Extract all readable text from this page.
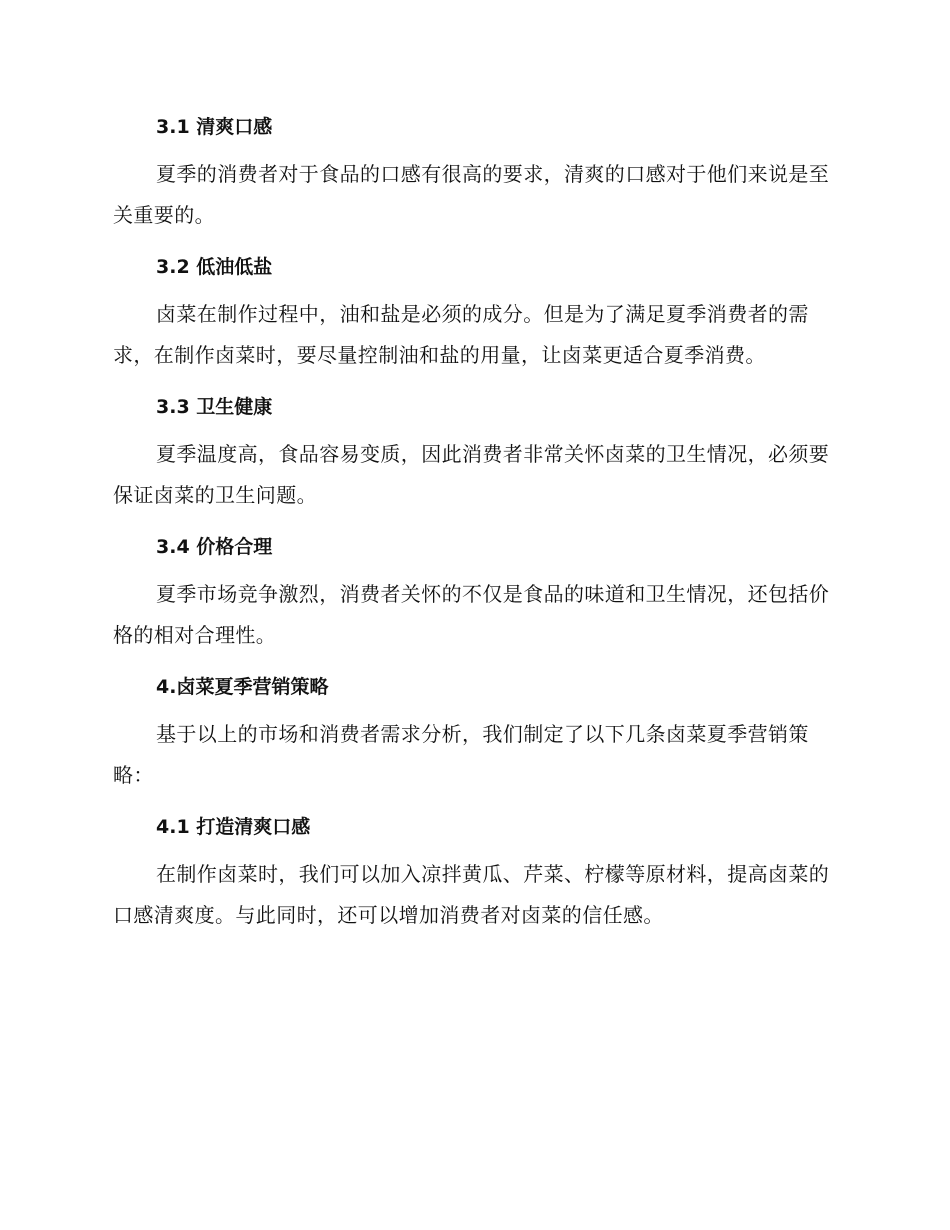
3.1 清爽口感

夏季的消费者对于食品的口感有很高的要求，清爽的口感对于他们来说是至关重要的。

3.2 低油低盐

卤菜在制作过程中，油和盐是必须的成分。但是为了满足夏季消费者的需求，在制作卤菜时，要尽量控制油和盐的用量，让卤菜更适合夏季消费。

3.3 卫生健康

夏季温度高，食品容易变质，因此消费者非常关怀卤菜的卫生情况，必须要保证卤菜的卫生问题。

3.4 价格合理

夏季市场竞争激烈，消费者关怀的不仅是食品的味道和卫生情况，还包括价格的相对合理性。

4.卤菜夏季营销策略

基于以上的市场和消费者需求分析，我们制定了以下几条卤菜夏季营销策略：

4.1 打造清爽口感

在制作卤菜时，我们可以加入凉拌黄瓜、芹菜、柠檬等原材料，提高卤菜的口感清爽度。与此同时，还可以增加消费者对卤菜的信任感。
